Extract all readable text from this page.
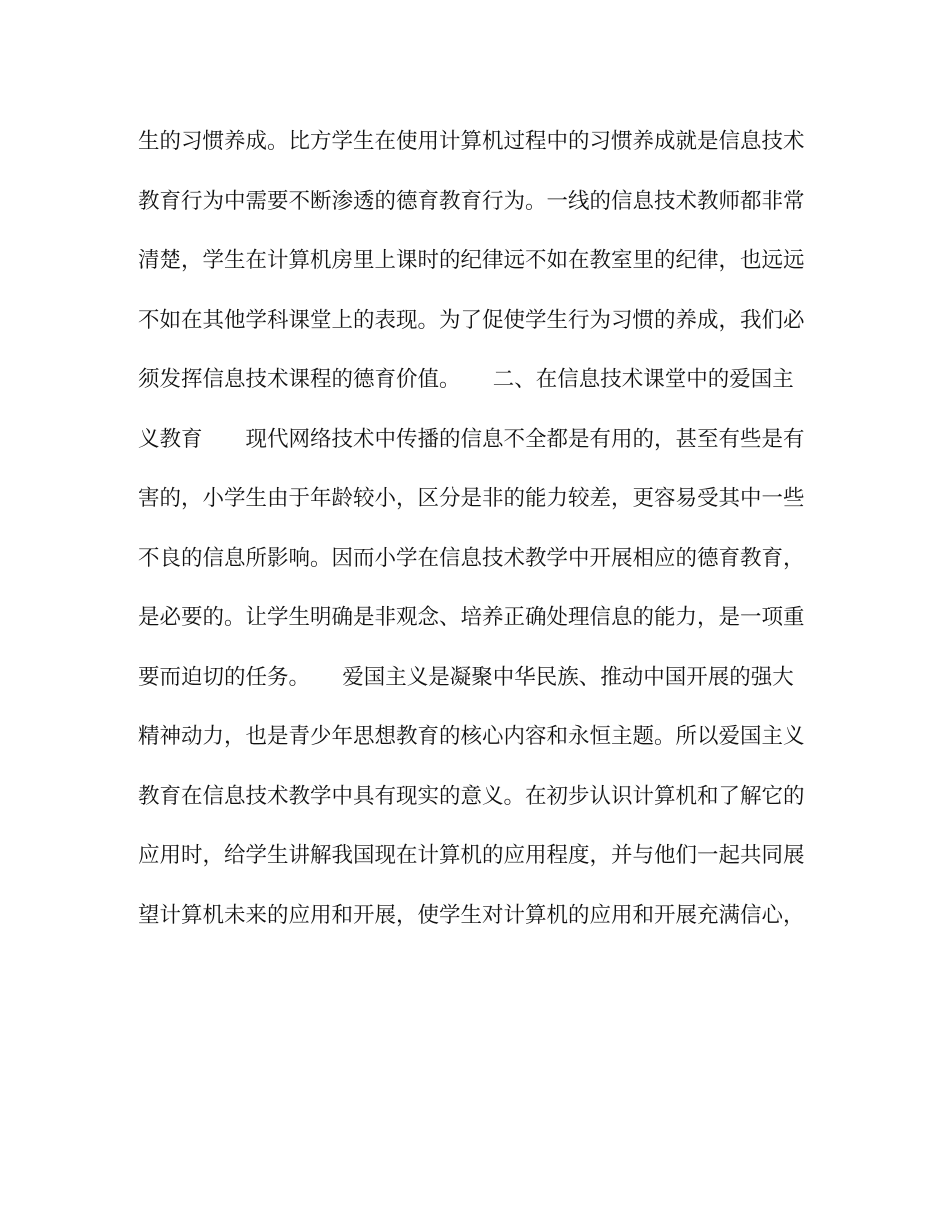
生的习惯养成。比方学生在使用计算机过程中的习惯养成就是信息技术
教育行为中需要不断渗透的德育教育行为。一线的信息技术教师都非常
清楚，学生在计算机房里上课时的纪律远不如在教室里的纪律，也远远
不如在其他学科课堂上的表现。为了促使学生行为习惯的养成，我们必
须发挥信息技术课程的德育价值。　　二、在信息技术课堂中的爱国主
义教育　　现代网络技术中传播的信息不全都是有用的，甚至有些是有
害的，小学生由于年龄较小，区分是非的能力较差，更容易受其中一些
不良的信息所影响。因而小学在信息技术教学中开展相应的德育教育，
是必要的。让学生明确是非观念、培养正确处理信息的能力，是一项重
要而迫切的任务。　　爱国主义是凝聚中华民族、推动中国开展的强大
精神动力，也是青少年思想教育的核心内容和永恒主题。所以爱国主义
教育在信息技术教学中具有现实的意义。在初步认识计算机和了解它的
应用时，给学生讲解我国现在计算机的应用程度，并与他们一起共同展
望计算机未来的应用和开展，使学生对计算机的应用和开展充满信心，
